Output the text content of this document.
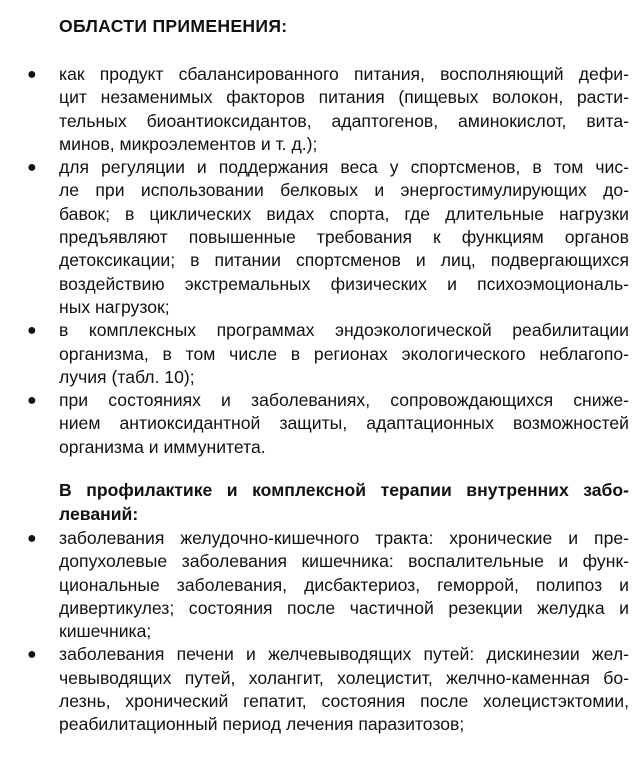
ОБЛАСТИ ПРИМЕНЕНИЯ:
● как продукт сбалансированного питания, восполняющий дефи-
цит незаменимых факторов питания (пищевых волокон, расти-
тельных биоантиоксидантов, адаптогенов, аминокислот, вита-
минов, микроэлементов и т. д.);
● для регуляции и поддержания веса у спортсменов, в том чис-
ле при использовании белковых и энергостимулирующих до-
бавок; в циклических видах спорта, где длительные нагрузки
предъявляют повышенные требования к функциям органов
детоксикации; в питании спортсменов и лиц, подвергающихся
воздействию экстремальных физических и психоэмоциональ-
ных нагрузок;
● в комплексных программах эндоэкологической реабилитации
организма, в том числе в регионах экологического неблагопо-
лучия (табл. 10);
● при состояниях и заболеваниях, сопровождающихся сниже-
нием антиоксидантной защиты, адаптационных возможностей
организма и иммунитета.
В профилактике и комплексной терапии внутренних забо-
леваний:
● заболевания желудочно-кишечного тракта: хронические и пре-
допухолевые заболевания кишечника: воспалительные и функ-
циональные заболевания, дисбактериоз, геморрой, полипоз и
дивертикулез; состояния после частичной резекции желудка и
кишечника;
● заболевания печени и желчевыводящих путей: дискинезии жел-
чевыводящих путей, холангит, холецистит, желчно-каменная бо-
лезнь, хронический гепатит, состояния после холецистэктомии,
реабилитационный период лечения паразитозов;
